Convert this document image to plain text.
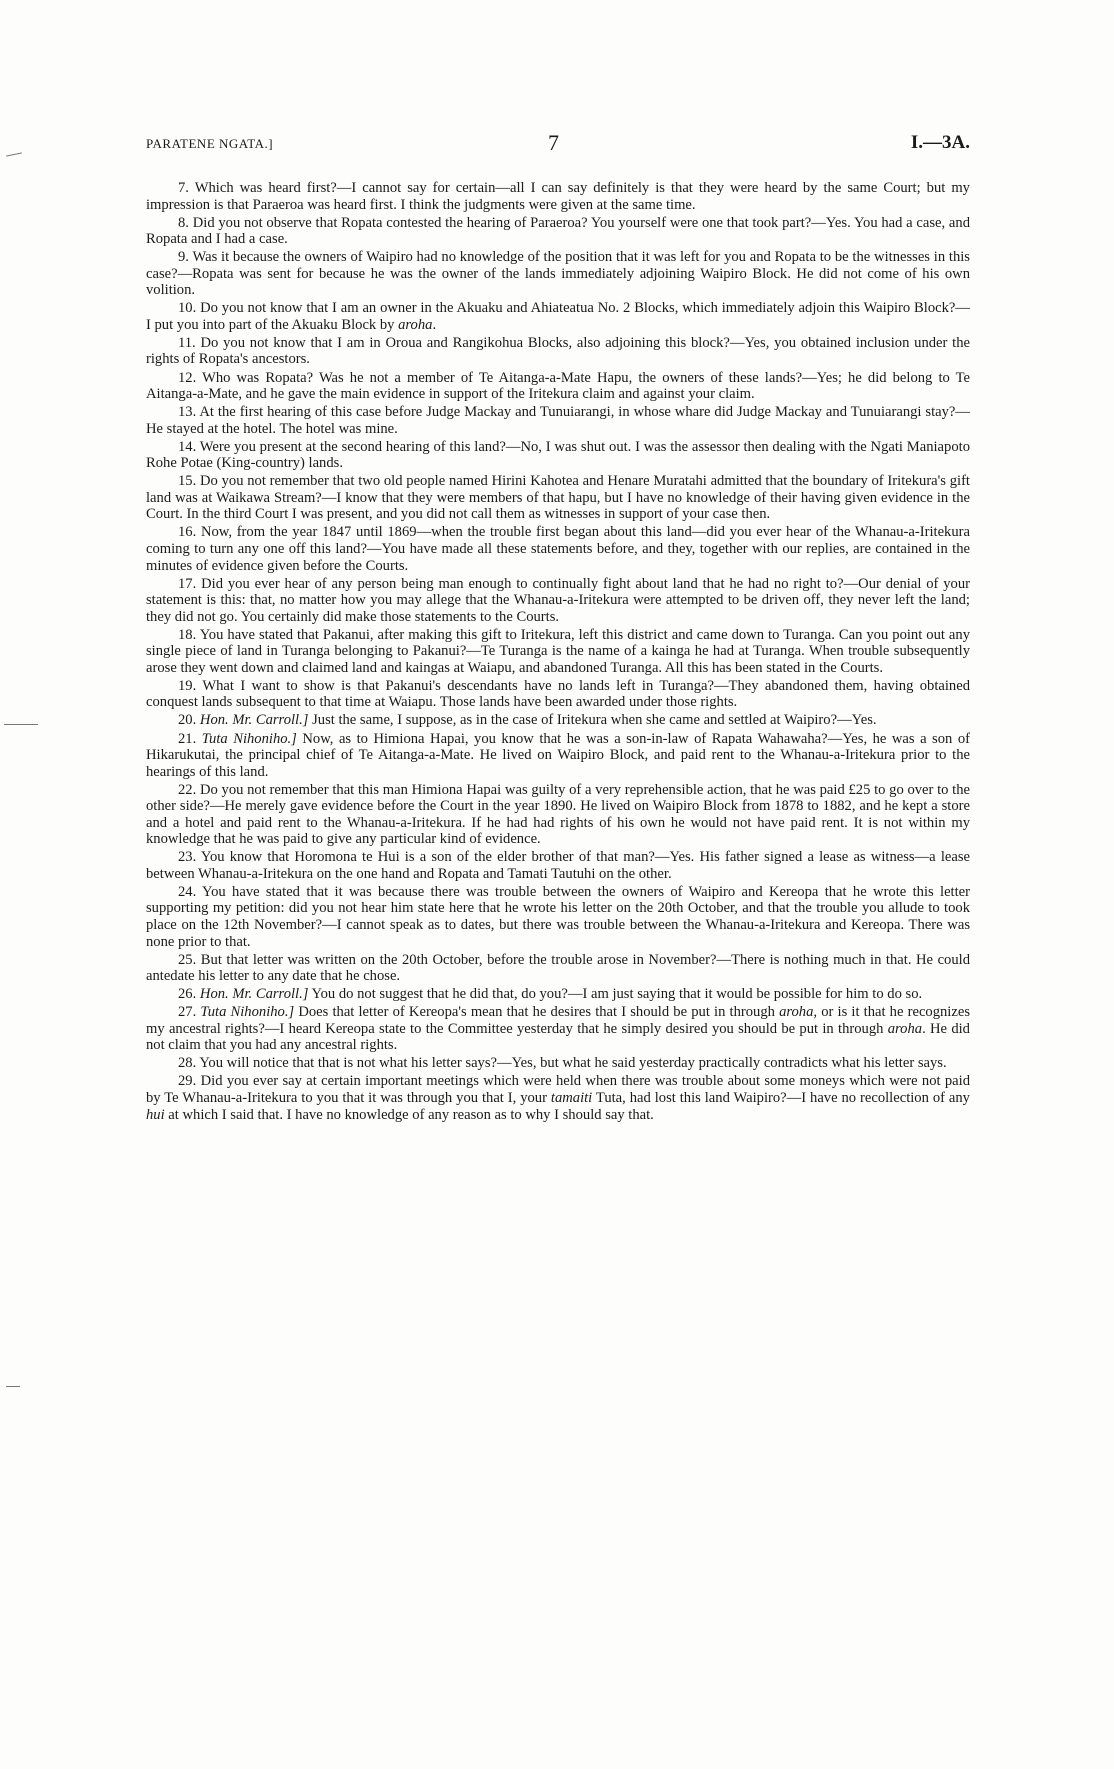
PARATENE NGATA.]	7	I.—3A.

7. Which was heard first?—I cannot say for certain—all I can say definitely is that they were heard by the same Court; but my impression is that Paraeroa was heard first. I think the judgments were given at the same time.

8. Did you not observe that Ropata contested the hearing of Paraeroa? You yourself were one that took part?—Yes. You had a case, and Ropata and I had a case.

9. Was it because the owners of Waipiro had no knowledge of the position that it was left for you and Ropata to be the witnesses in this case?—Ropata was sent for because he was the owner of the lands immediately adjoining Waipiro Block. He did not come of his own volition.

10. Do you not know that I am an owner in the Akuaku and Ahiateatua No. 2 Blocks, which immediately adjoin this Waipiro Block?—I put you into part of the Akuaku Block by aroha.

11. Do you not know that I am in Oroua and Rangikohua Blocks, also adjoining this block?—Yes, you obtained inclusion under the rights of Ropata's ancestors.

12. Who was Ropata? Was he not a member of Te Aitanga-a-Mate Hapu, the owners of these lands?—Yes; he did belong to Te Aitanga-a-Mate, and he gave the main evidence in support of the Iritekura claim and against your claim.

13. At the first hearing of this case before Judge Mackay and Tunuiarangi, in whose whare did Judge Mackay and Tunuiarangi stay?—He stayed at the hotel. The hotel was mine.

14. Were you present at the second hearing of this land?—No, I was shut out. I was the assessor then dealing with the Ngati Maniapoto Rohe Potae (King-country) lands.

15. Do you not remember that two old people named Hirini Kahotea and Henare Muratahi admitted that the boundary of Iritekura's gift land was at Waikawa Stream?—I know that they were members of that hapu, but I have no knowledge of their having given evidence in the Court. In the third Court I was present, and you did not call them as witnesses in support of your case then.

16. Now, from the year 1847 until 1869—when the trouble first began about this land—did you ever hear of the Whanau-a-Iritekura coming to turn any one off this land?—You have made all these statements before, and they, together with our replies, are contained in the minutes of evidence given before the Courts.

17. Did you ever hear of any person being man enough to continually fight about land that he had no right to?—Our denial of your statement is this: that, no matter how you may allege that the Whanau-a-Iritekura were attempted to be driven off, they never left the land; they did not go. You certainly did make those statements to the Courts.

18. You have stated that Pakanui, after making this gift to Iritekura, left this district and came down to Turanga. Can you point out any single piece of land in Turanga belonging to Pakanui?—Te Turanga is the name of a kainga he had at Turanga. When trouble subsequently arose they went down and claimed land and kaingas at Waiapu, and abandoned Turanga. All this has been stated in the Courts.

19. What I want to show is that Pakanui's descendants have no lands left in Turanga?—They abandoned them, having obtained conquest lands subsequent to that time at Waiapu. Those lands have been awarded under those rights.

20. Hon. Mr. Carroll.] Just the same, I suppose, as in the case of Iritekura when she came and settled at Waipiro?—Yes.

21. Tuta Nihoniho.] Now, as to Himiona Hapai, you know that he was a son-in-law of Rapata Wahawaha?—Yes, he was a son of Hikarukutai, the principal chief of Te Aitanga-a-Mate. He lived on Waipiro Block, and paid rent to the Whanau-a-Iritekura prior to the hearings of this land.

22. Do you not remember that this man Himiona Hapai was guilty of a very reprehensible action, that he was paid £25 to go over to the other side?—He merely gave evidence before the Court in the year 1890. He lived on Waipiro Block from 1878 to 1882, and he kept a store and a hotel and paid rent to the Whanau-a-Iritekura. If he had had rights of his own he would not have paid rent. It is not within my knowledge that he was paid to give any particular kind of evidence.

23. You know that Horomona te Hui is a son of the elder brother of that man?—Yes. His father signed a lease as witness—a lease between Whanau-a-Iritekura on the one hand and Ropata and Tamati Tautuhi on the other.

24. You have stated that it was because there was trouble between the owners of Waipiro and Kereopa that he wrote this letter supporting my petition: did you not hear him state here that he wrote his letter on the 20th October, and that the trouble you allude to took place on the 12th November?—I cannot speak as to dates, but there was trouble between the Whanau-a-Iritekura and Kereopa. There was none prior to that.

25. But that letter was written on the 20th October, before the trouble arose in November?—There is nothing much in that. He could antedate his letter to any date that he chose.

26. Hon. Mr. Carroll.] You do not suggest that he did that, do you?—I am just saying that it would be possible for him to do so.

27. Tuta Nihoniho.] Does that letter of Kereopa's mean that he desires that I should be put in through aroha, or is it that he recognizes my ancestral rights?—I heard Kereopa state to the Committee yesterday that he simply desired you should be put in through aroha. He did not claim that you had any ancestral rights.

28. You will notice that that is not what his letter says?—Yes, but what he said yesterday practically contradicts what his letter says.

29. Did you ever say at certain important meetings which were held when there was trouble about some moneys which were not paid by Te Whanau-a-Iritekura to you that it was through you that I, your tamaiti Tuta, had lost this land Waipiro?—I have no recollection of any hui at which I said that. I have no knowledge of any reason as to why I should say that.
